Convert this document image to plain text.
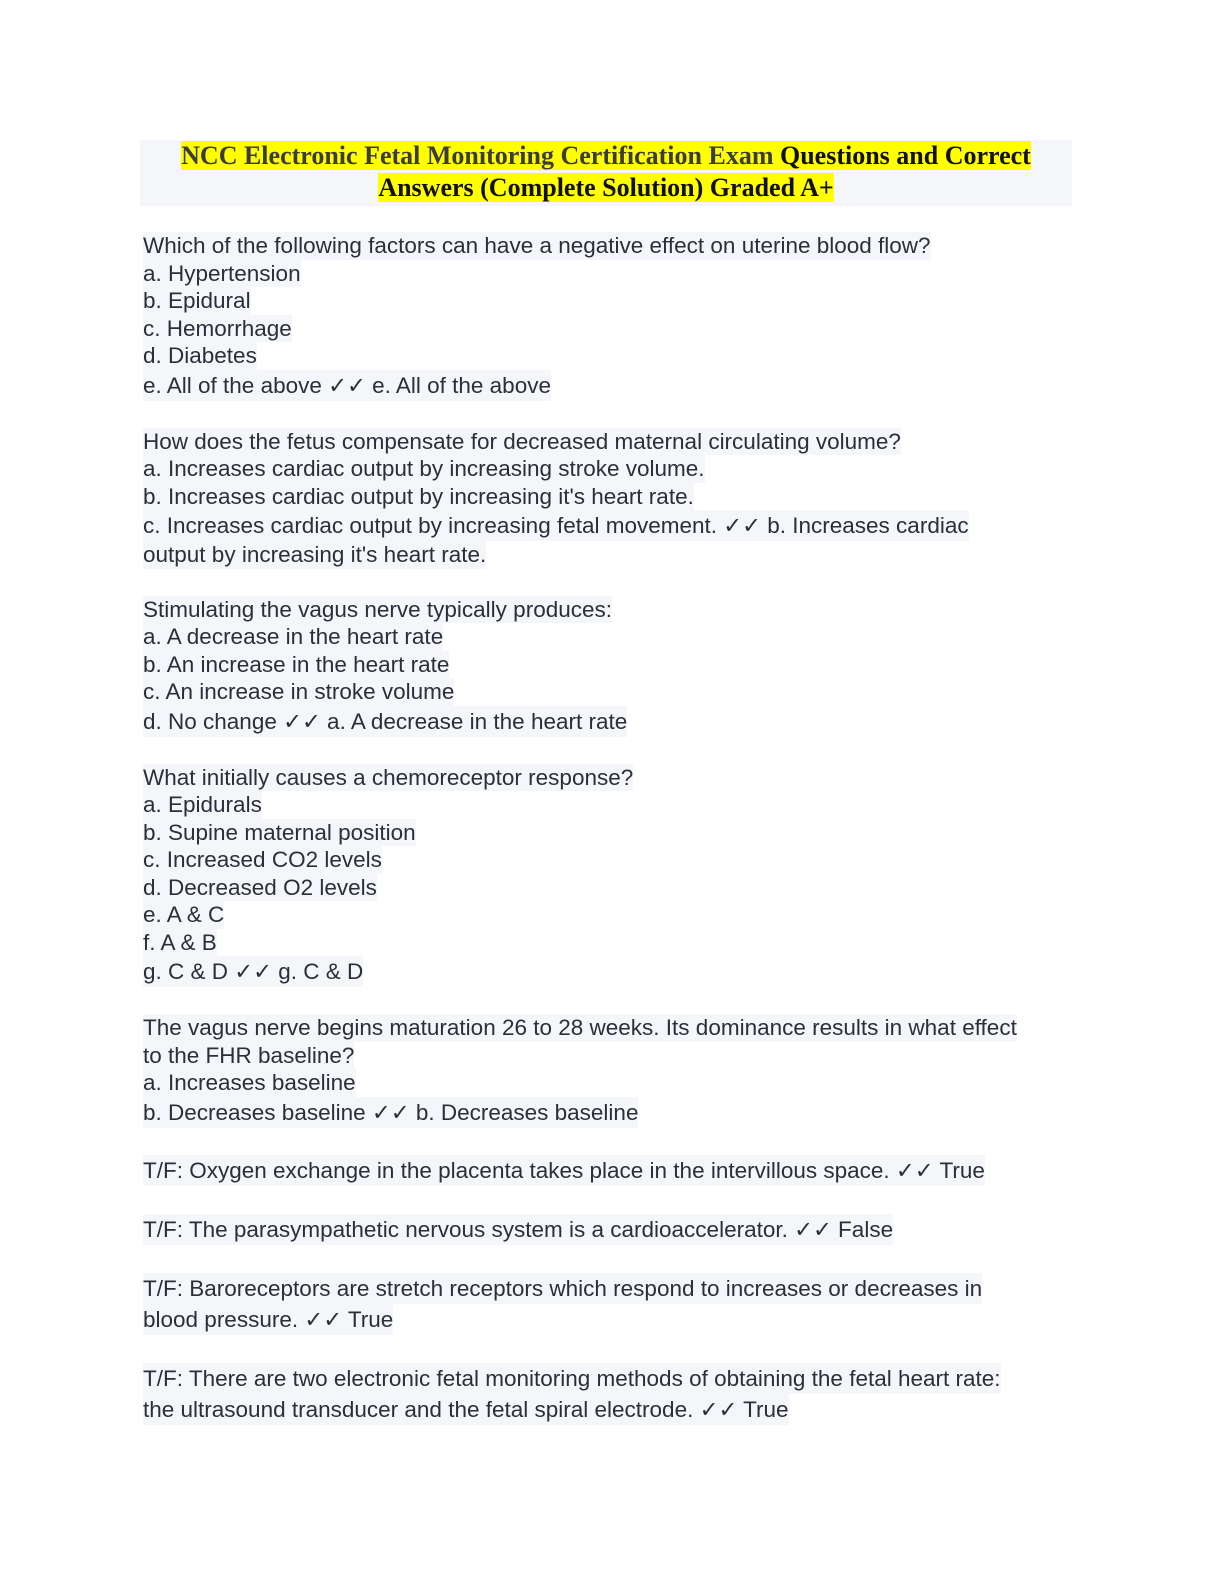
NCC Electronic Fetal Monitoring Certification Exam Questions and Correct
Answers (Complete Solution) Graded A+
Which of the following factors can have a negative effect on uterine blood flow?
a. Hypertension
b. Epidural
c. Hemorrhage
d. Diabetes
e. All of the above ✓✓ e. All of the above
How does the fetus compensate for decreased maternal circulating volume?
a. Increases cardiac output by increasing stroke volume.
b. Increases cardiac output by increasing it's heart rate.
c. Increases cardiac output by increasing fetal movement. ✓✓ b. Increases cardiac
output by increasing it's heart rate.
Stimulating the vagus nerve typically produces:
a. A decrease in the heart rate
b. An increase in the heart rate
c. An increase in stroke volume
d. No change ✓✓ a. A decrease in the heart rate
What initially causes a chemoreceptor response?
a. Epidurals
b. Supine maternal position
c. Increased CO2 levels
d. Decreased O2 levels
e. A & C
f. A & B
g. C & D ✓✓ g. C & D
The vagus nerve begins maturation 26 to 28 weeks. Its dominance results in what effect
to the FHR baseline?
a. Increases baseline
b. Decreases baseline ✓✓ b. Decreases baseline
T/F: Oxygen exchange in the placenta takes place in the intervillous space. ✓✓ True
T/F: The parasympathetic nervous system is a cardioaccelerator. ✓✓ False
T/F: Baroreceptors are stretch receptors which respond to increases or decreases in
blood pressure. ✓✓ True
T/F: There are two electronic fetal monitoring methods of obtaining the fetal heart rate:
the ultrasound transducer and the fetal spiral electrode. ✓✓ True
